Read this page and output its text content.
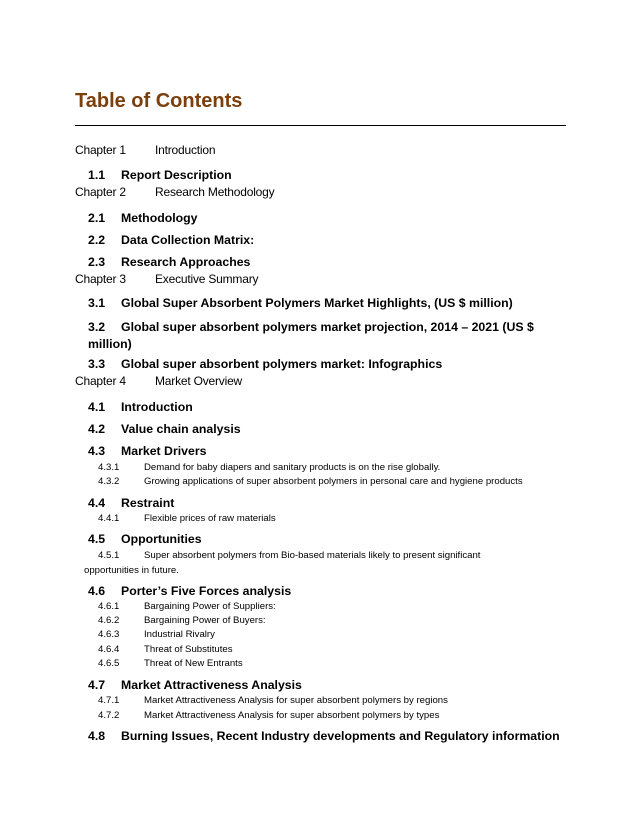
Table of Contents
Chapter 1 Introduction
1.1 Report Description
Chapter 2 Research Methodology
2.1 Methodology
2.2 Data Collection Matrix:
2.3 Research Approaches
Chapter 3 Executive Summary
3.1 Global Super Absorbent Polymers Market Highlights, (US $ million)
3.2 Global super absorbent polymers market projection, 2014 – 2021 (US $ million)
3.3 Global super absorbent polymers market: Infographics
Chapter 4 Market Overview
4.1 Introduction
4.2 Value chain analysis
4.3 Market Drivers
4.3.1	Demand for baby diapers and sanitary products is on the rise globally.
4.3.2	Growing applications of super absorbent polymers in personal care and hygiene products
4.4 Restraint
4.4.1	Flexible prices of raw materials
4.5 Opportunities
4.5.1	Super absorbent polymers from Bio-based materials likely to present significant opportunities in future.
4.6 Porter’s Five Forces analysis
4.6.1	Bargaining Power of Suppliers:
4.6.2	Bargaining Power of Buyers:
4.6.3	Industrial Rivalry
4.6.4	Threat of Substitutes
4.6.5	Threat of New Entrants
4.7 Market Attractiveness Analysis
4.7.1	Market Attractiveness Analysis for super absorbent polymers by regions
4.7.2	Market Attractiveness Analysis for super absorbent polymers by types
4.8 Burning Issues, Recent Industry developments and Regulatory information
